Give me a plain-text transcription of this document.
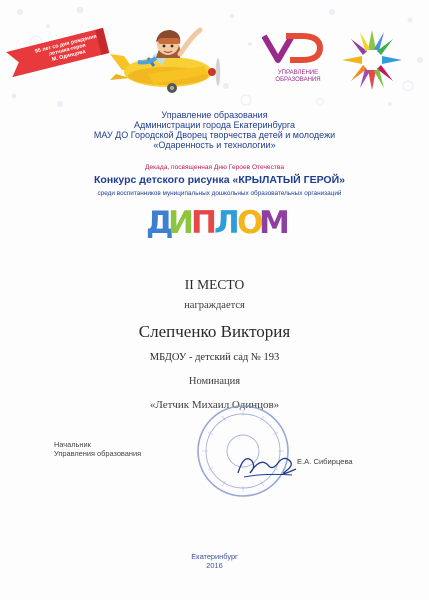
95 лет со дня рождения
летчика-героя
М. Одинцова
УПРАВЛЕНИЕ
ОБРАЗОВАНИЯ
Управление образования
Администрации города Екатеринбурга
МАУ ДО Городской Дворец творчества детей и молодежи
«Одаренность и технологии»
Декада, посвященная Дню Героев Отечества
Конкурс детского рисунка «КРЫЛАТЫЙ ГЕРОЙ»
среди воспитанников муниципальных дошкольных образовательных организаций
Д
И
П
Л
О
М
II МЕСТО
награждается
Слепченко Виктория
МБДОУ - детский сад № 193
Номинация
«Летчик Михаил Одинцов»
Начальник
Управления образования
Е.А. Сибирцева
Екатеринбург
2016
